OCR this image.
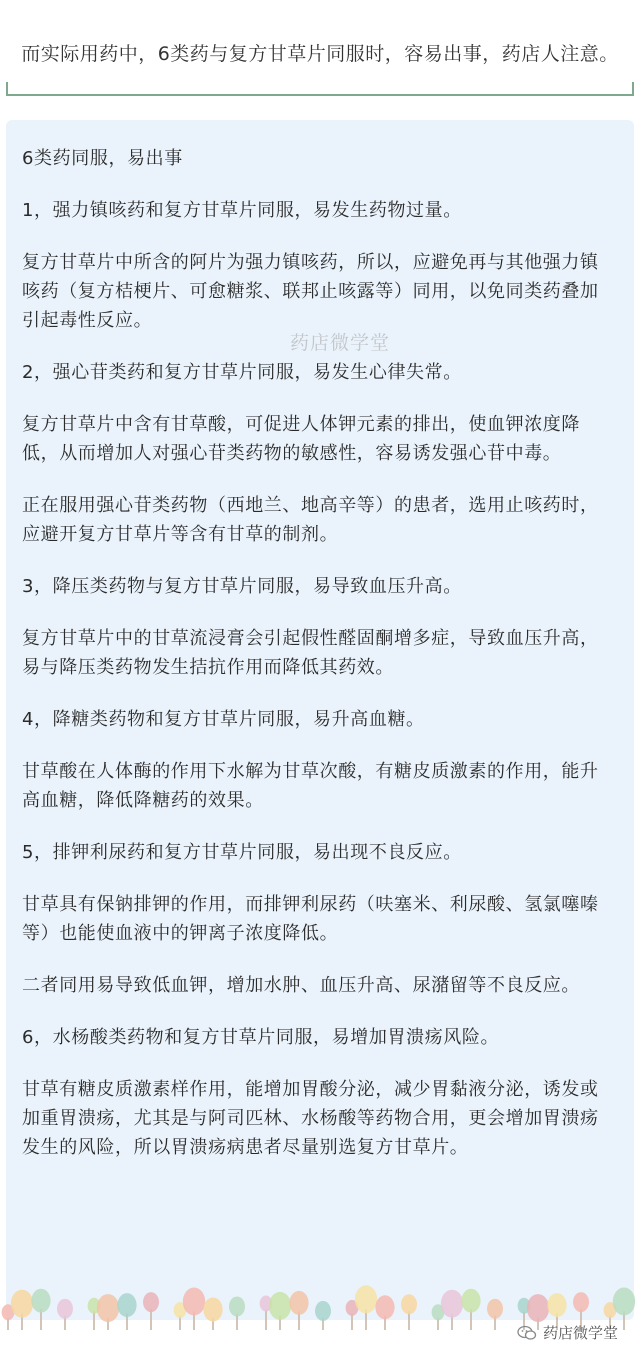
而实际用药中，6类药与复方甘草片同服时，容易出事，药店人注意。

6类药同服，易出事

1，强力镇咳药和复方甘草片同服，易发生药物过量。

复方甘草片中所含的阿片为强力镇咳药，所以，应避免再与其他强力镇咳药（复方桔梗片、可愈糖浆、联邦止咳露等）同用，以免同类药叠加引起毒性反应。

2，强心苷类药和复方甘草片同服，易发生心律失常。

复方甘草片中含有甘草酸，可促进人体钾元素的排出，使血钾浓度降低，从而增加人对强心苷类药物的敏感性，容易诱发强心苷中毒。

正在服用强心苷类药物（西地兰、地高辛等）的患者，选用止咳药时，应避开复方甘草片等含有甘草的制剂。

3，降压类药物与复方甘草片同服，易导致血压升高。

复方甘草片中的甘草流浸膏会引起假性醛固酮增多症，导致血压升高，易与降压类药物发生拮抗作用而降低其药效。

4，降糖类药物和复方甘草片同服，易升高血糖。

甘草酸在人体酶的作用下水解为甘草次酸，有糖皮质激素的作用，能升高血糖，降低降糖药的效果。

5，排钾利尿药和复方甘草片同服，易出现不良反应。

甘草具有保钠排钾的作用，而排钾利尿药（呋塞米、利尿酸、氢氯噻嗪等）也能使血液中的钾离子浓度降低。

二者同用易导致低血钾，增加水肿、血压升高、尿潴留等不良反应。

6，水杨酸类药物和复方甘草片同服，易增加胃溃疡风险。

甘草有糖皮质激素样作用，能增加胃酸分泌，减少胃黏液分泌，诱发或加重胃溃疡，尤其是与阿司匹林、水杨酸等药物合用，更会增加胃溃疡发生的风险，所以胃溃疡病患者尽量别选复方甘草片。

药店微学堂
药店微学堂
